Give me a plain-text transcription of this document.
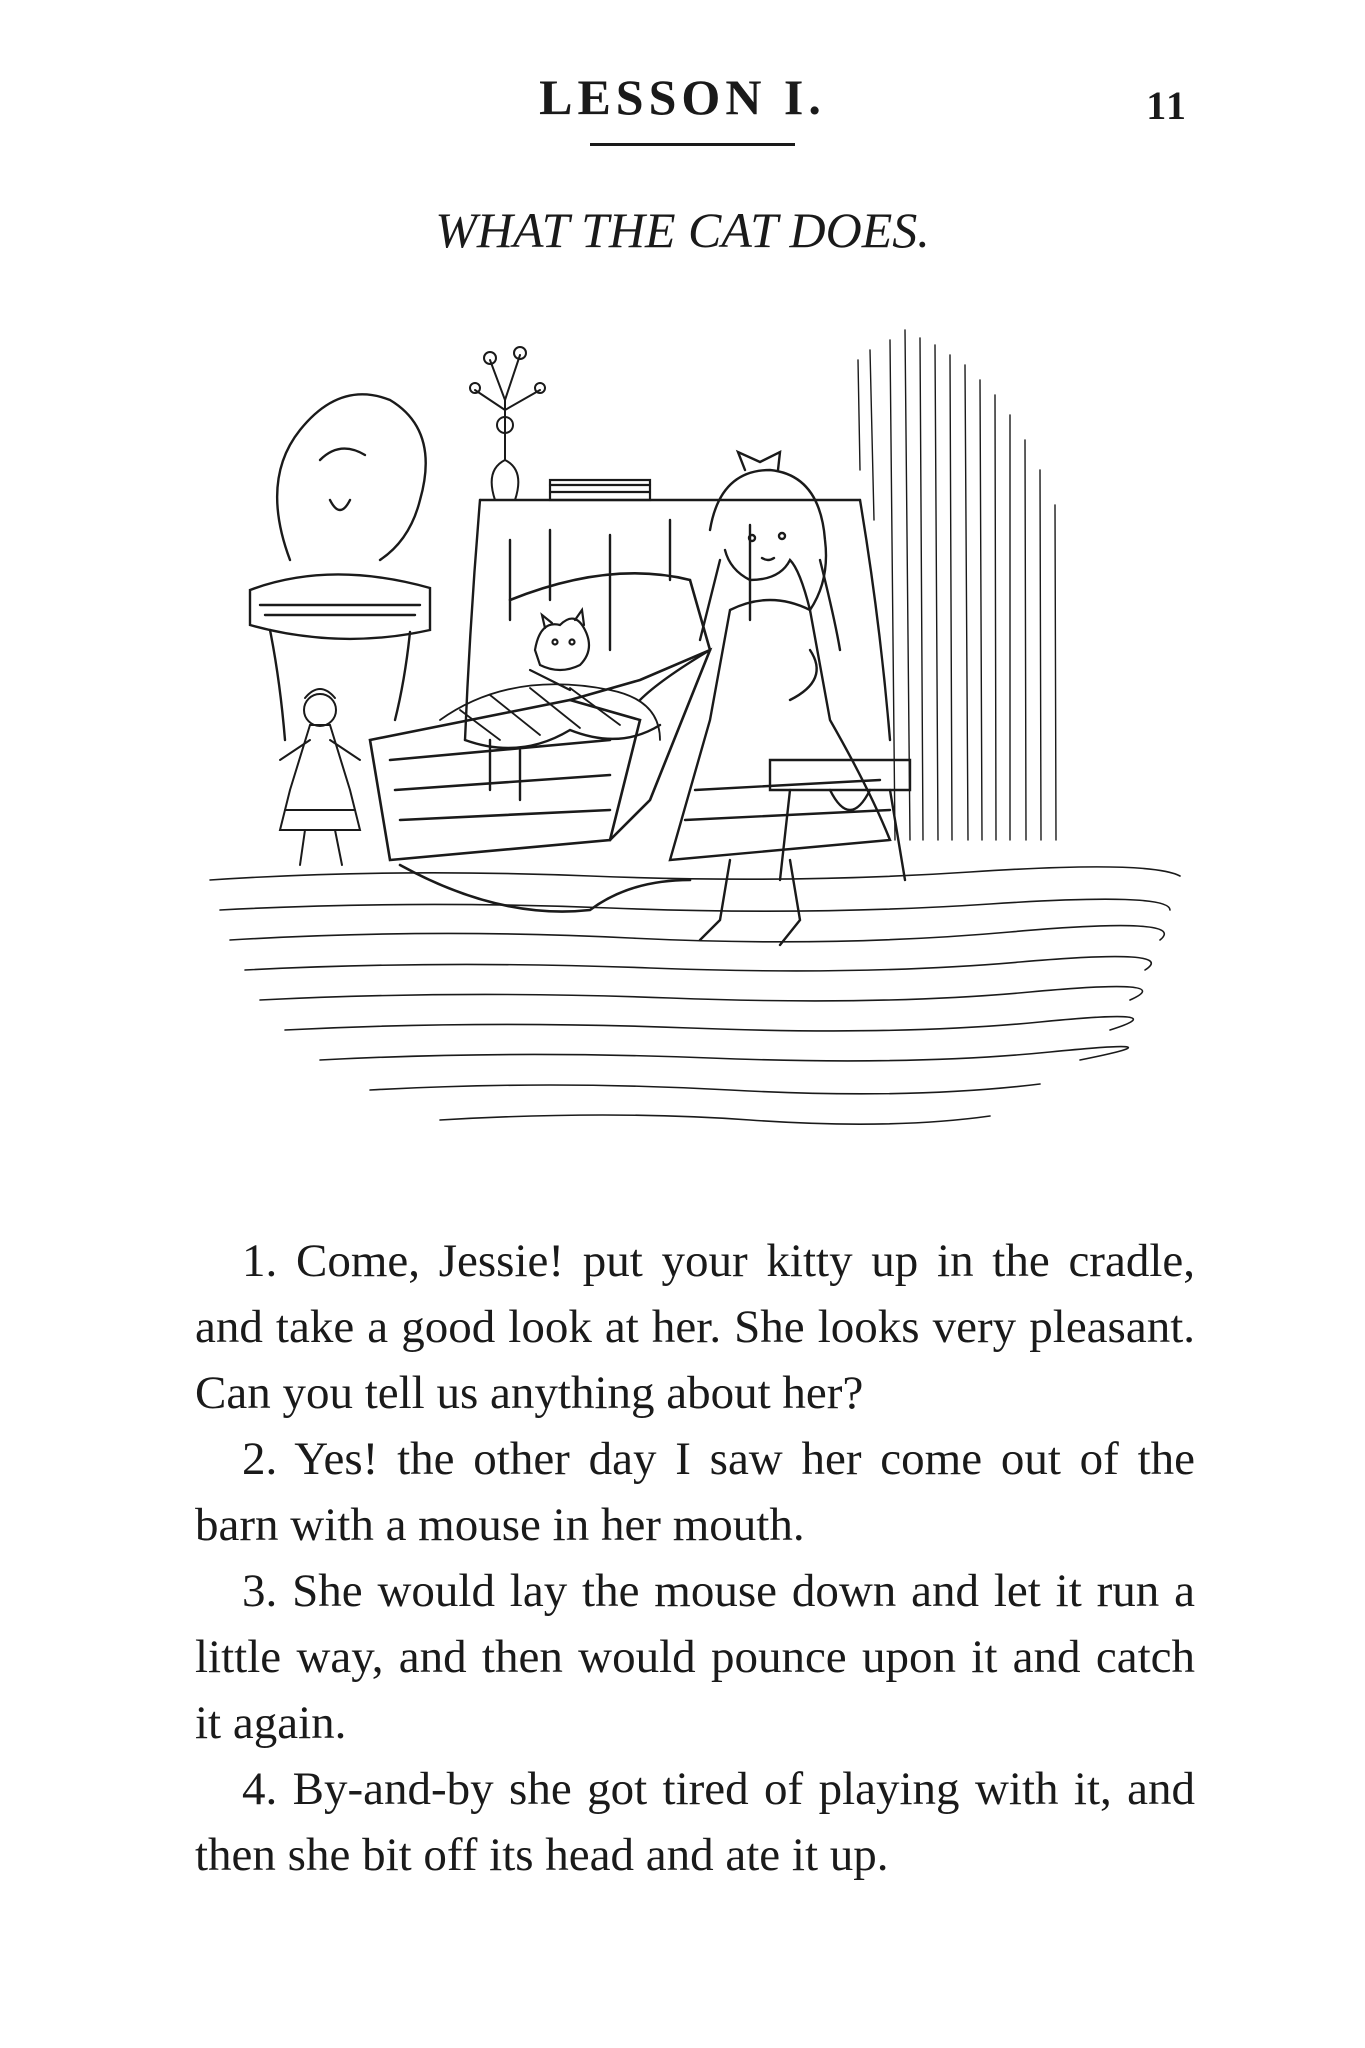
LESSON I.	11
WHAT THE CAT DOES.

1. Come, Jessie! put your kitty up in the cradle, and take a good look at her. She looks very pleasant. Can you tell us anything about her?

2. Yes! the other day I saw her come out of the barn with a mouse in her mouth.

3. She would lay the mouse down and let it run a little way, and then would pounce upon it and catch it again.

4. By-and-by she got tired of playing with it, and then she bit off its head and ate it up.
